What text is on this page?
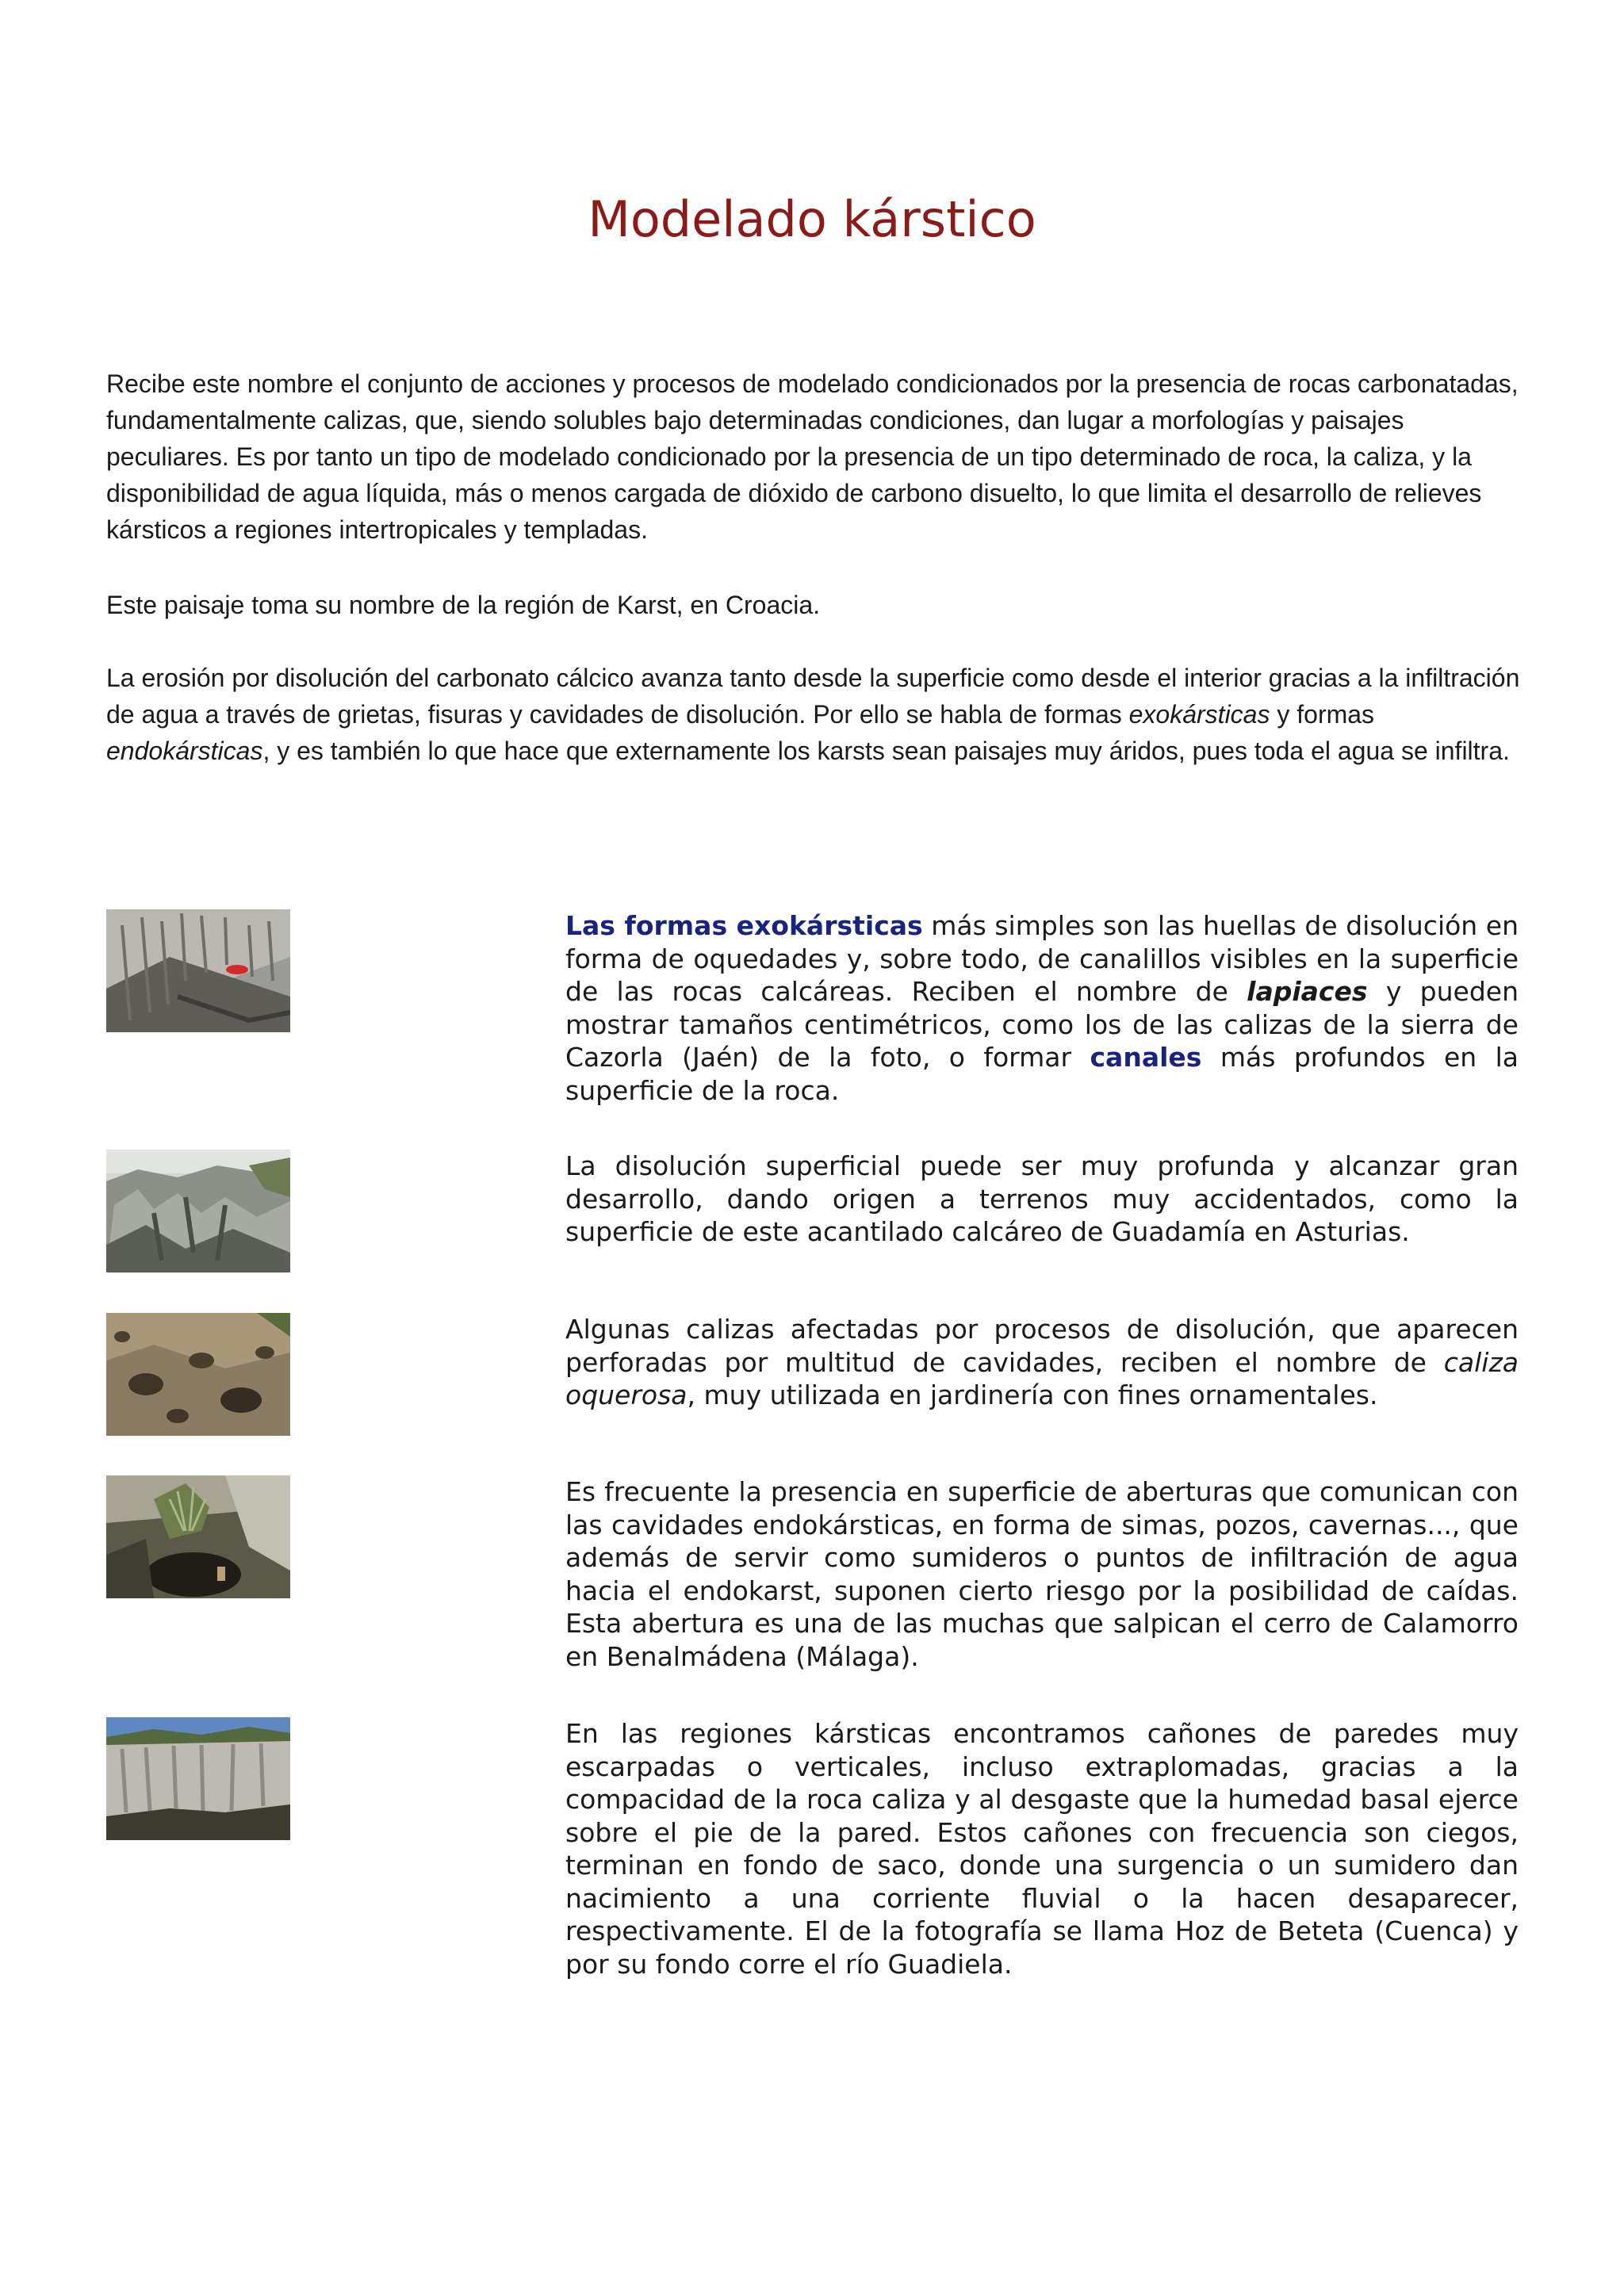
Modelado kárstico

Recibe este nombre el conjunto de acciones y procesos de modelado condicionados por la presencia de rocas carbonatadas, fundamentalmente calizas, que, siendo solubles bajo determinadas condiciones, dan lugar a morfologías y paisajes peculiares. Es por tanto un tipo de modelado condicionado por la presencia de un tipo determinado de roca, la caliza, y la disponibilidad de agua líquida, más o menos cargada de dióxido de carbono disuelto, lo que limita el desarrollo de relieves kársticos a regiones intertropicales y templadas.

Este paisaje toma su nombre de la región de Karst, en Croacia.

La erosión por disolución del carbonato cálcico avanza tanto desde la superficie como desde el interior gracias a la infiltración de agua a través de grietas, fisuras y cavidades de disolución. Por ello se habla de formas exokársticas y formas endokársticas, y es también lo que hace que externamente los karsts sean paisajes muy áridos, pues toda el agua se infiltra.

Las formas exokársticas más simples son las huellas de disolución en forma de oquedades y, sobre todo, de canalillos visibles en la superficie de las rocas calcáreas. Reciben el nombre de lapiaces y pueden mostrar tamaños centimétricos, como los de las calizas de la sierra de Cazorla (Jaén) de la foto, o formar canales más profundos en la superficie de la roca.

La disolución superficial puede ser muy profunda y alcanzar gran desarrollo, dando origen a terrenos muy accidentados, como la superficie de este acantilado calcáreo de Guadamía en Asturias.

Algunas calizas afectadas por procesos de disolución, que aparecen perforadas por multitud de cavidades, reciben el nombre de caliza oquerosa, muy utilizada en jardinería con fines ornamentales.

Es frecuente la presencia en superficie de aberturas que comunican con las cavidades endokársticas, en forma de simas, pozos, cavernas..., que además de servir como sumideros o puntos de infiltración de agua hacia el endokarst, suponen cierto riesgo por la posibilidad de caídas. Esta abertura es una de las muchas que salpican el cerro de Calamorro en Benalmádena (Málaga).

En las regiones kársticas encontramos cañones de paredes muy escarpadas o verticales, incluso extraplomadas, gracias a la compacidad de la roca caliza y al desgaste que la humedad basal ejerce sobre el pie de la pared. Estos cañones con frecuencia son ciegos, terminan en fondo de saco, donde una surgencia o un sumidero dan nacimiento a una corriente fluvial o la hacen desaparecer, respectivamente. El de la fotografía se llama Hoz de Beteta (Cuenca) y por su fondo corre el río Guadiela.
